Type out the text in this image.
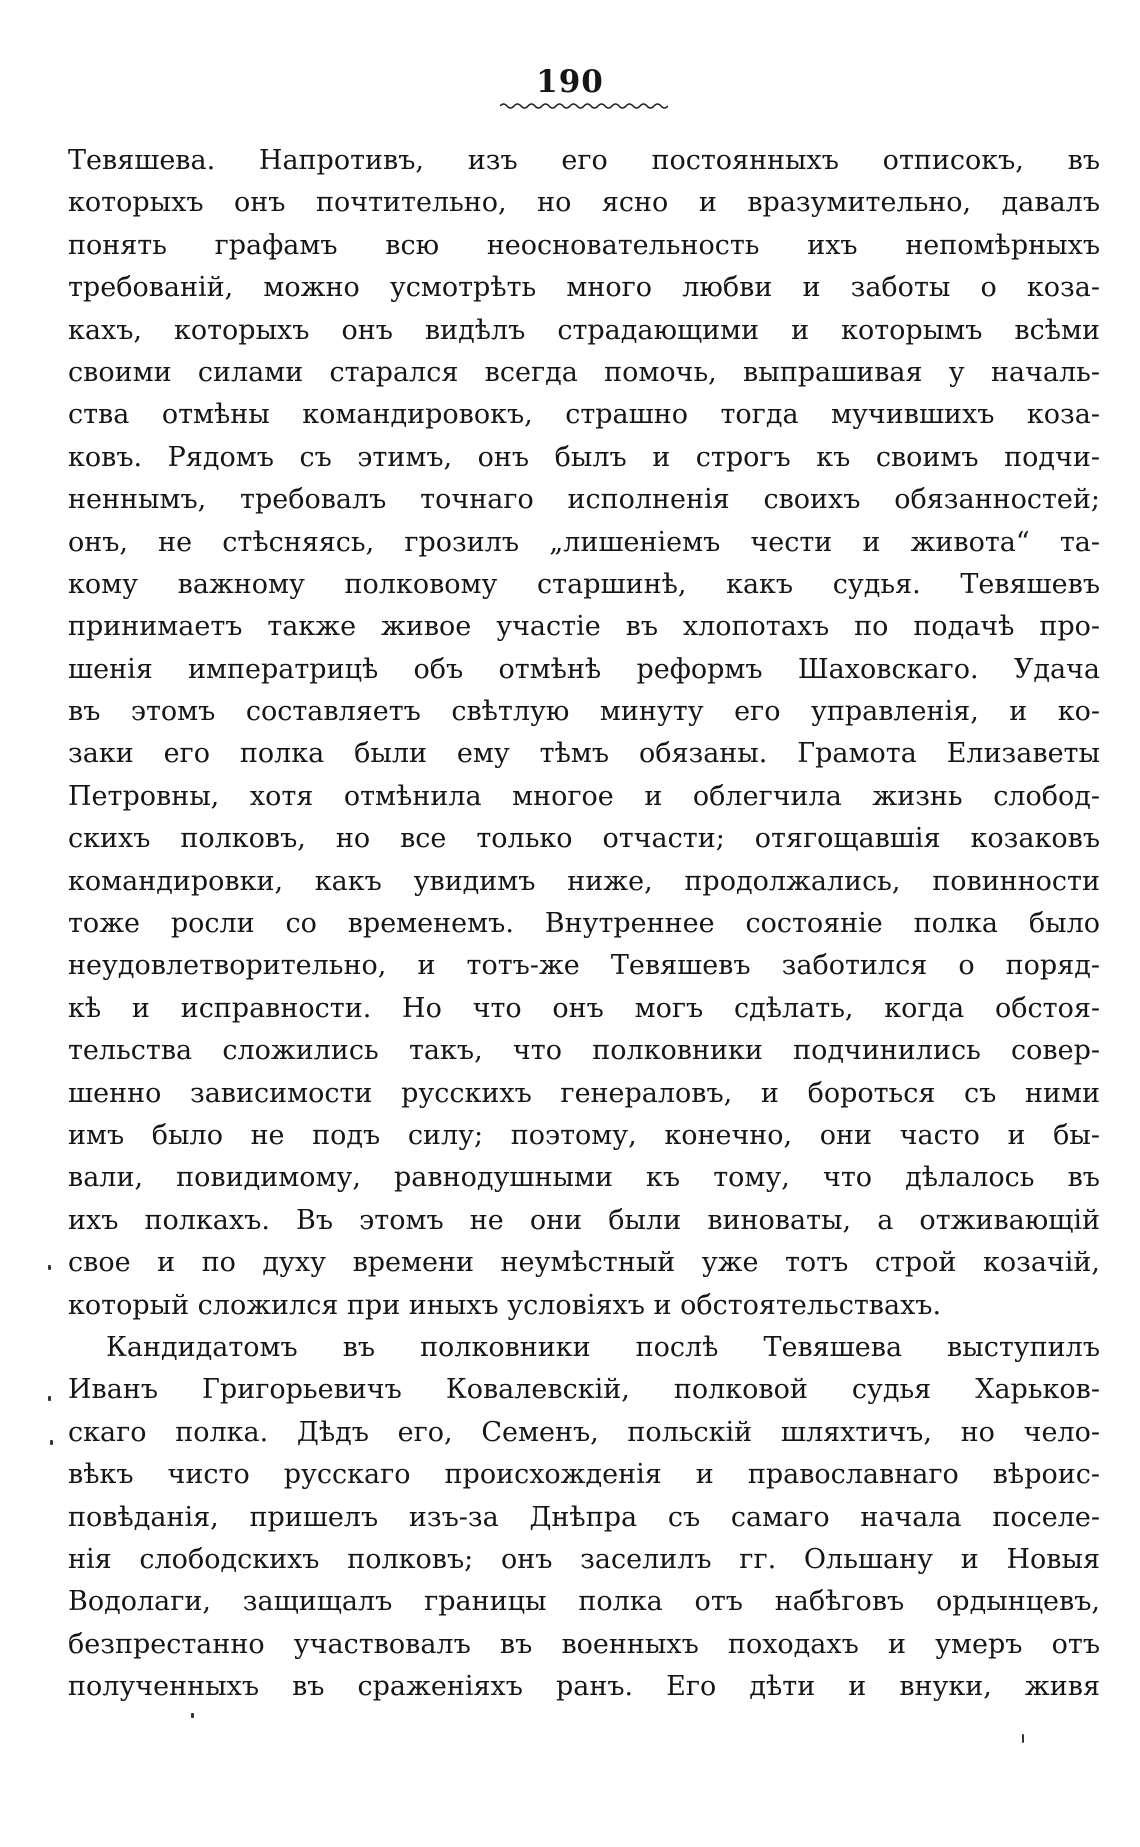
190
Тевяшева. Напротивъ, изъ его постоянныхъ отписокъ, въ
которыхъ онъ почтительно, но ясно и вразумительно, давалъ
понять графамъ всю неосновательность ихъ непомѣрныхъ
требованій, можно усмотрѣть много любви и заботы о коза-
кахъ, которыхъ онъ видѣлъ страдающими и которымъ всѣми
своими силами старался всегда помочь, выпрашивая у началь-
ства отмѣны командировокъ, страшно тогда мучившихъ коза-
ковъ. Рядомъ съ этимъ, онъ былъ и строгъ къ своимъ подчи-
неннымъ, требовалъ точнаго исполненія своихъ обязанностей;
онъ, не стѣсняясь, грозилъ „лишеніемъ чести и живота“ та-
кому важному полковому старшинѣ, какъ судья. Тевяшевъ
принимаетъ также живое участіе въ хлопотахъ по подачѣ про-
шенія императрицѣ объ отмѣнѣ реформъ Шаховскаго. Удача
въ этомъ составляетъ свѣтлую минуту его управленія, и ко-
заки его полка были ему тѣмъ обязаны. Грамота Елизаветы
Петровны, хотя отмѣнила многое и облегчила жизнь слобод-
скихъ полковъ, но все только отчасти; отягощавшія козаковъ
командировки, какъ увидимъ ниже, продолжались, повинности
тоже росли со временемъ. Внутреннее состояніе полка было
неудовлетворительно, и тотъ-же Тевяшевъ заботился о поряд-
кѣ и исправности. Но что онъ могъ сдѣлать, когда обстоя-
тельства сложились такъ, что полковники подчинились совер-
шенно зависимости русскихъ генераловъ, и бороться съ ними
имъ было не подъ силу; поэтому, конечно, они часто и бы-
вали, повидимому, равнодушными къ тому, что дѣлалось въ
ихъ полкахъ. Въ этомъ не они были виноваты, а отживающій
свое и по духу времени неумѣстный уже тотъ строй козачій,
который сложился при иныхъ условіяхъ и обстоятельствахъ.
Кандидатомъ въ полковники послѣ Тевяшева выступилъ
Иванъ Григорьевичъ Ковалевскій, полковой судья Харьков-
скаго полка. Дѣдъ его, Семенъ, польскій шляхтичъ, но чело-
вѣкъ чисто русскаго происхожденія и православнаго вѣроис-
повѣданія, пришелъ изъ-за Днѣпра съ самаго начала поселе-
нія слободскихъ полковъ; онъ заселилъ гг. Ольшану и Новыя
Водолаги, защищалъ границы полка отъ набѣговъ ордынцевъ,
безпрестанно участвовалъ въ военныхъ походахъ и умеръ отъ
полученныхъ въ сраженіяхъ ранъ. Его дѣти и внуки, живя
